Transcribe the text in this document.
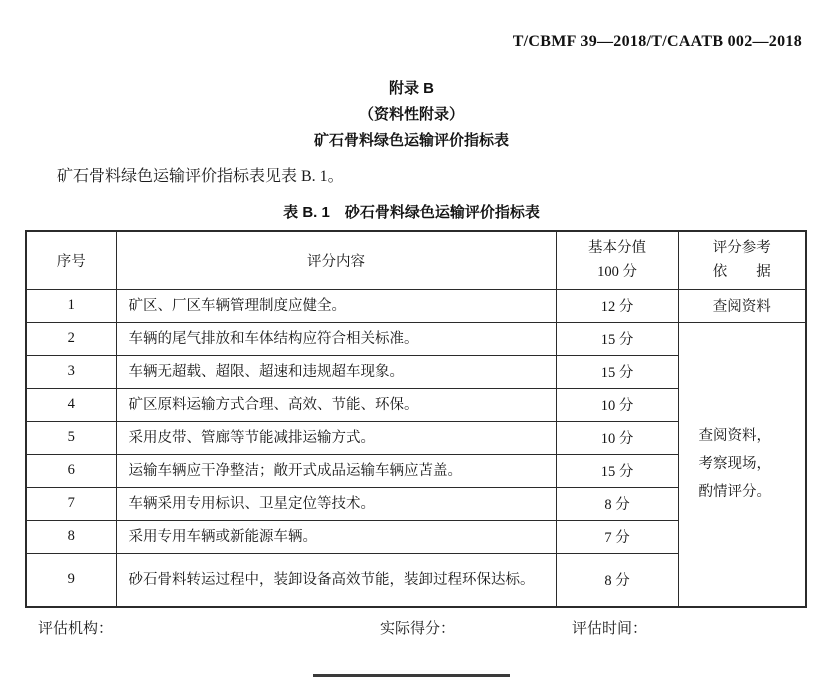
T/CBMF 39—2018/T/CAATB 002—2018
附录 B
（资料性附录）
矿石骨料绿色运输评价指标表
矿石骨料绿色运输评价指标表见表 B. 1。
表 B. 1　砂石骨料绿色运输评价指标表
序号	评分内容	基本分值
100 分	评分参考
依　　据

1	矿区、厂区车辆管理制度应健全。	12 分	查阅资料
2	车辆的尾气排放和车体结构应符合相关标准。	15 分	查阅资料，
考察现场，
酌情评分。

3	车辆无超载、超限、超速和违规超车现象。	15 分	
4	矿区原料运输方式合理、高效、节能、环保。	10 分	
5	采用皮带、管廊等节能减排运输方式。	10 分	
6	运输车辆应干净整洁；敞开式成品运输车辆应苫盖。	15 分	
7	车辆采用专用标识、卫星定位等技术。	8 分	
8	采用专用车辆或新能源车辆。	7 分	
9	砂石骨料转运过程中，装卸设备高效节能，装卸过程环保达标。	8 分	
评估机构：	实际得分：	评估时间：
